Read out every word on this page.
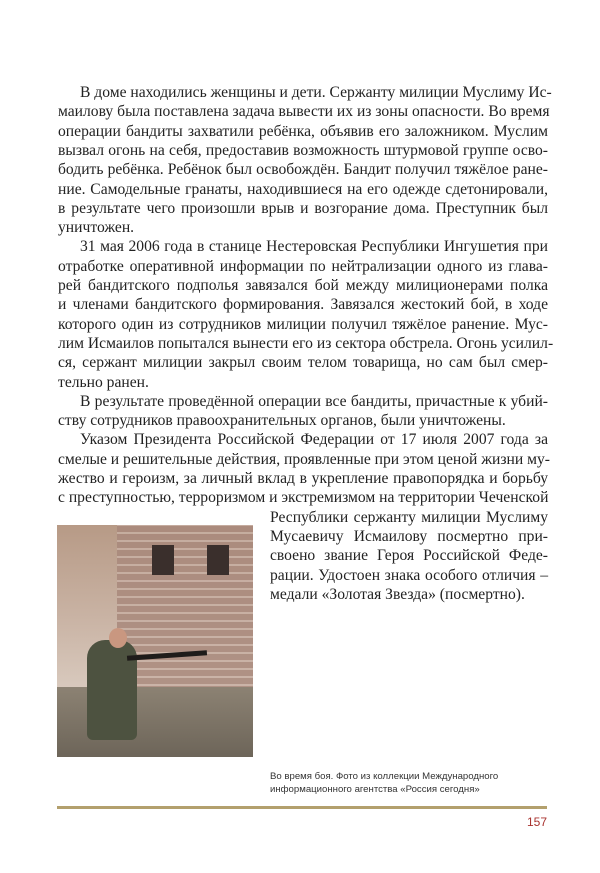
В доме находились женщины и дети. Сержанту милиции Муслиму Ис-
маилову была поставлена задача вывести их из зоны опасности. Во время
операции бандиты захватили ребёнка, объявив его заложником. Муслим
вызвал огонь на себя, предоставив возможность штурмовой группе осво-
бодить ребёнка. Ребёнок был освобождён. Бандит получил тяжёлое ране-
ние. Самодельные гранаты, находившиеся на его одежде сдетонировали,
в результате чего произошли врыв и возгорание дома. Преступник был
уничтожен.
31 мая 2006 года в станице Нестеровская Республики Ингушетия при
отработке оперативной информации по нейтрализации одного из глава-
рей бандитского подполья завязался бой между милиционерами полка
и членами бандитского формирования. Завязался жестокий бой, в ходе
которого один из сотрудников милиции получил тяжёлое ранение. Мус-
лим Исмаилов попытался вынести его из сектора обстрела. Огонь усилил-
ся, сержант милиции закрыл своим телом товарища, но сам был смер-
тельно ранен.
В результате проведённой операции все бандиты, причастные к убий-
ству сотрудников правоохранительных органов, были уничтожены.
Указом Президента Российской Федерации от 17 июля 2007 года за
смелые и решительные действия, проявленные при этом ценой жизни му-
жество и героизм, за личный вклад в укрепление правопорядка и борьбу
с преступностью, терроризмом и экстремизмом на территории Чеченской
Республики сержанту милиции Муслиму
Мусаевичу Исмаилову посмертно при-
своено звание Героя Российской Феде-
рации. Удостоен знака особого отличия –
медали «Золотая Звезда» (посмертно).
Во время боя. Фото из коллекции Международного
информационного агентства «Россия сегодня»
157
